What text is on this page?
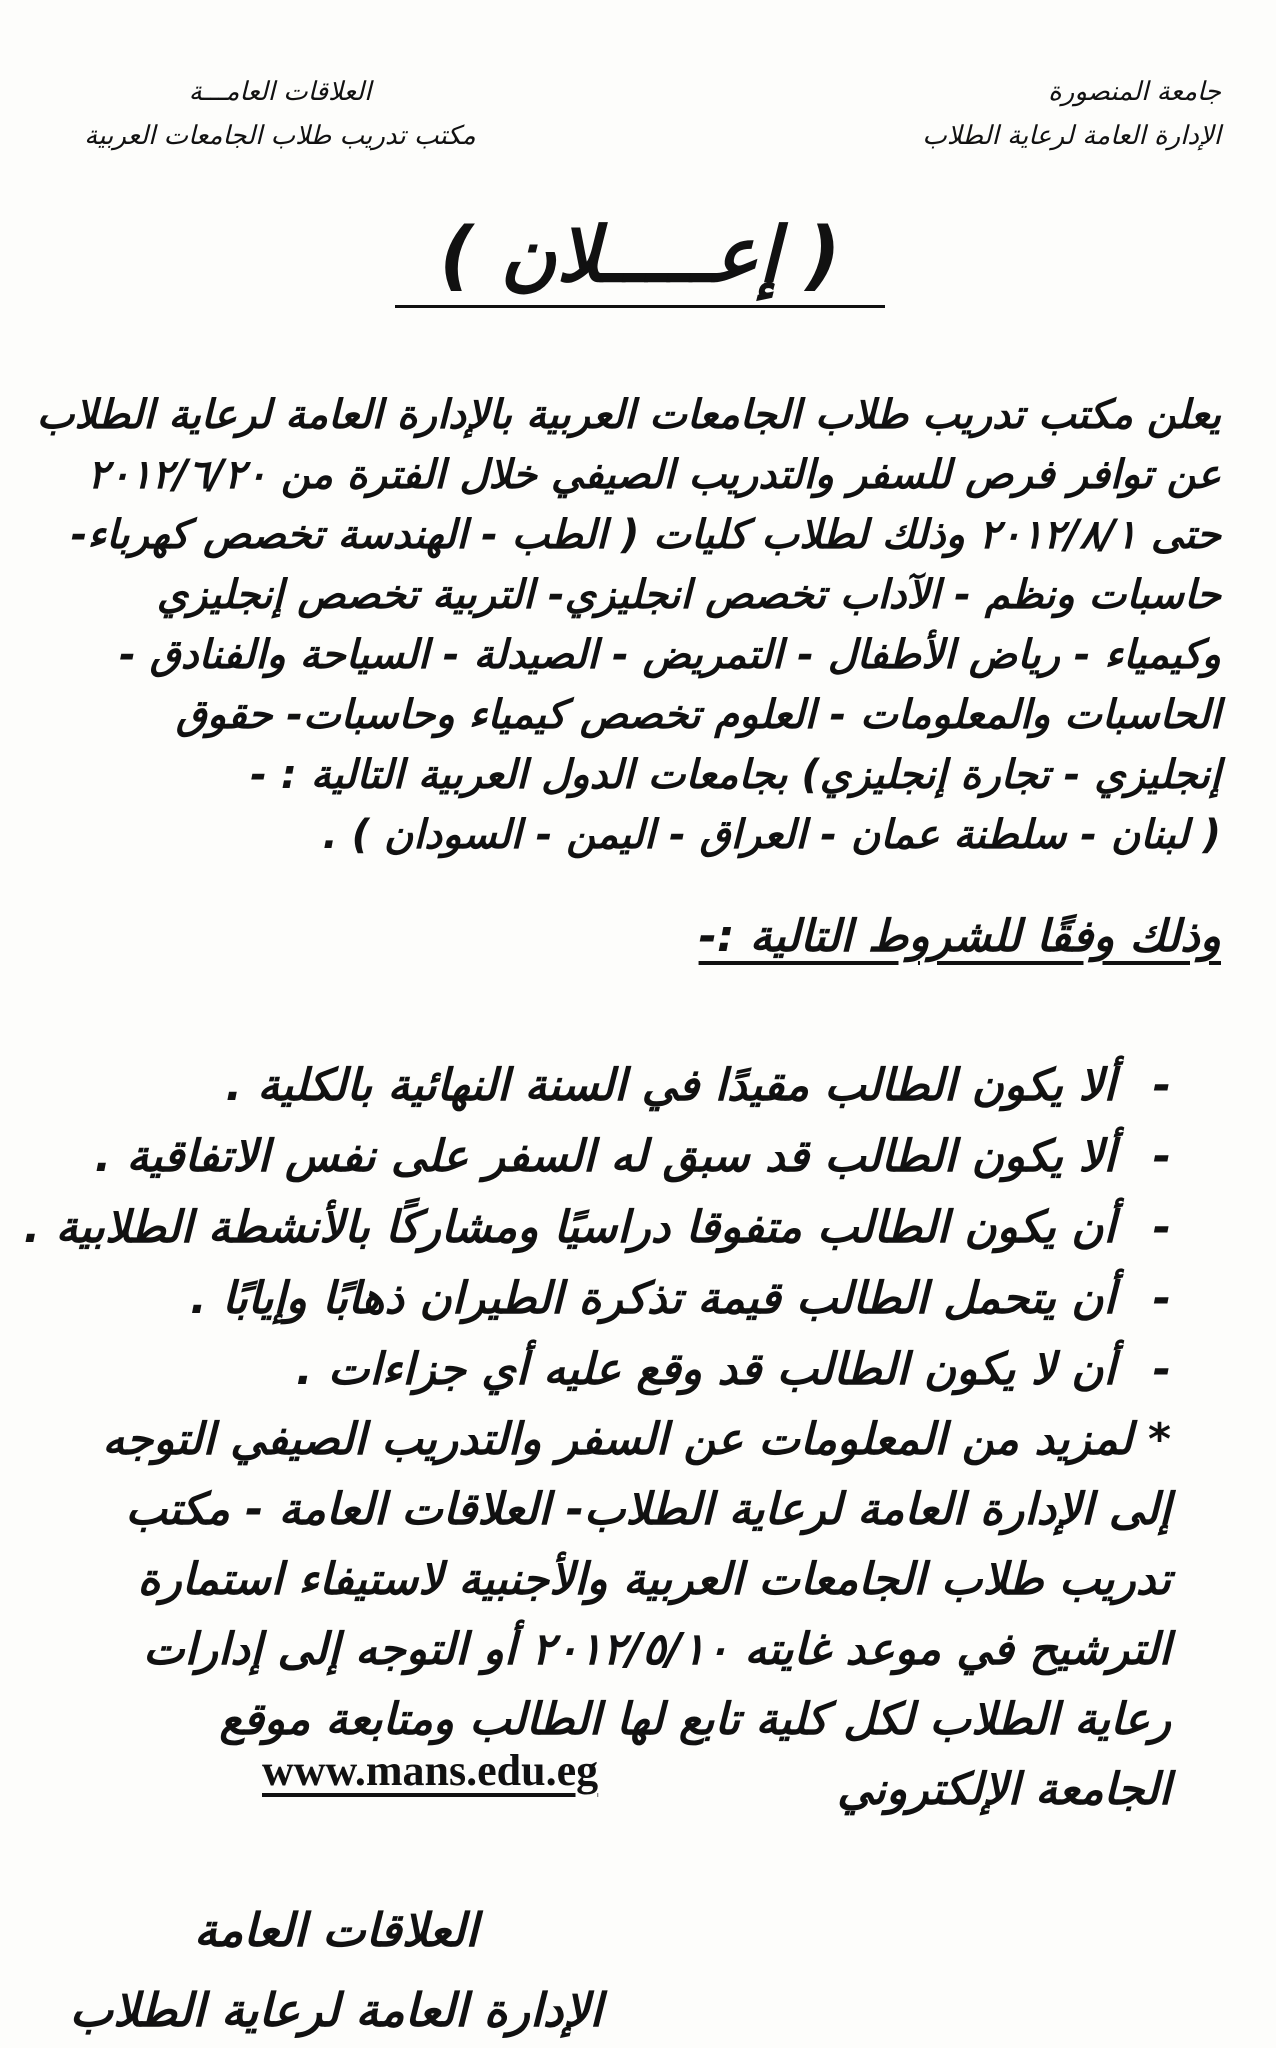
جامعة المنصورة
الإدارة العامة لرعاية الطلاب
العلاقات العامـــة
مكتب تدريب طلاب الجامعات العربية
( إعـــــلان )
يعلن مكتب تدريب طلاب الجامعات العربية بالإدارة العامة لرعاية الطلاب
عن توافر فرص للسفر والتدريب الصيفي خلال الفترة من ٢٠١٢/٦/٢٠
حتى ٢٠١٢/٨/١ وذلك لطلاب كليات ( الطب - الهندسة تخصص كهرباء-
حاسبات ونظم - الآداب تخصص انجليزي- التربية تخصص إنجليزي
وكيمياء - رياض الأطفال - التمريض - الصيدلة - السياحة والفنادق -
الحاسبات والمعلومات - العلوم تخصص كيمياء وحاسبات- حقوق
إنجليزي - تجارة إنجليزي) بجامعات الدول العربية التالية : -
( لبنان - سلطنة عمان - العراق - اليمن - السودان ) .
وذلك وفقًا للشروط التالية :-
- ألا يكون الطالب مقيدًا في السنة النهائية بالكلية .
- ألا يكون الطالب قد سبق له السفر على نفس الاتفاقية .
- أن يكون الطالب متفوقا دراسيًا ومشاركًا بالأنشطة الطلابية .
- أن يتحمل الطالب قيمة تذكرة الطيران ذهابًا وإيابًا .
- أن لا يكون الطالب قد وقع عليه أي جزاءات .
* لمزيد من المعلومات عن السفر والتدريب الصيفي التوجه
إلى الإدارة العامة لرعاية الطلاب- العلاقات العامة - مكتب
تدريب طلاب الجامعات العربية والأجنبية لاستيفاء استمارة
الترشيح في موعد غايته ٢٠١٢/٥/١٠ أو التوجه إلى إدارات
رعاية الطلاب لكل كلية تابع لها الطالب ومتابعة موقع
الجامعة الإلكتروني
www.mans.edu.eg
العلاقات العامة
الإدارة العامة لرعاية الطلاب
